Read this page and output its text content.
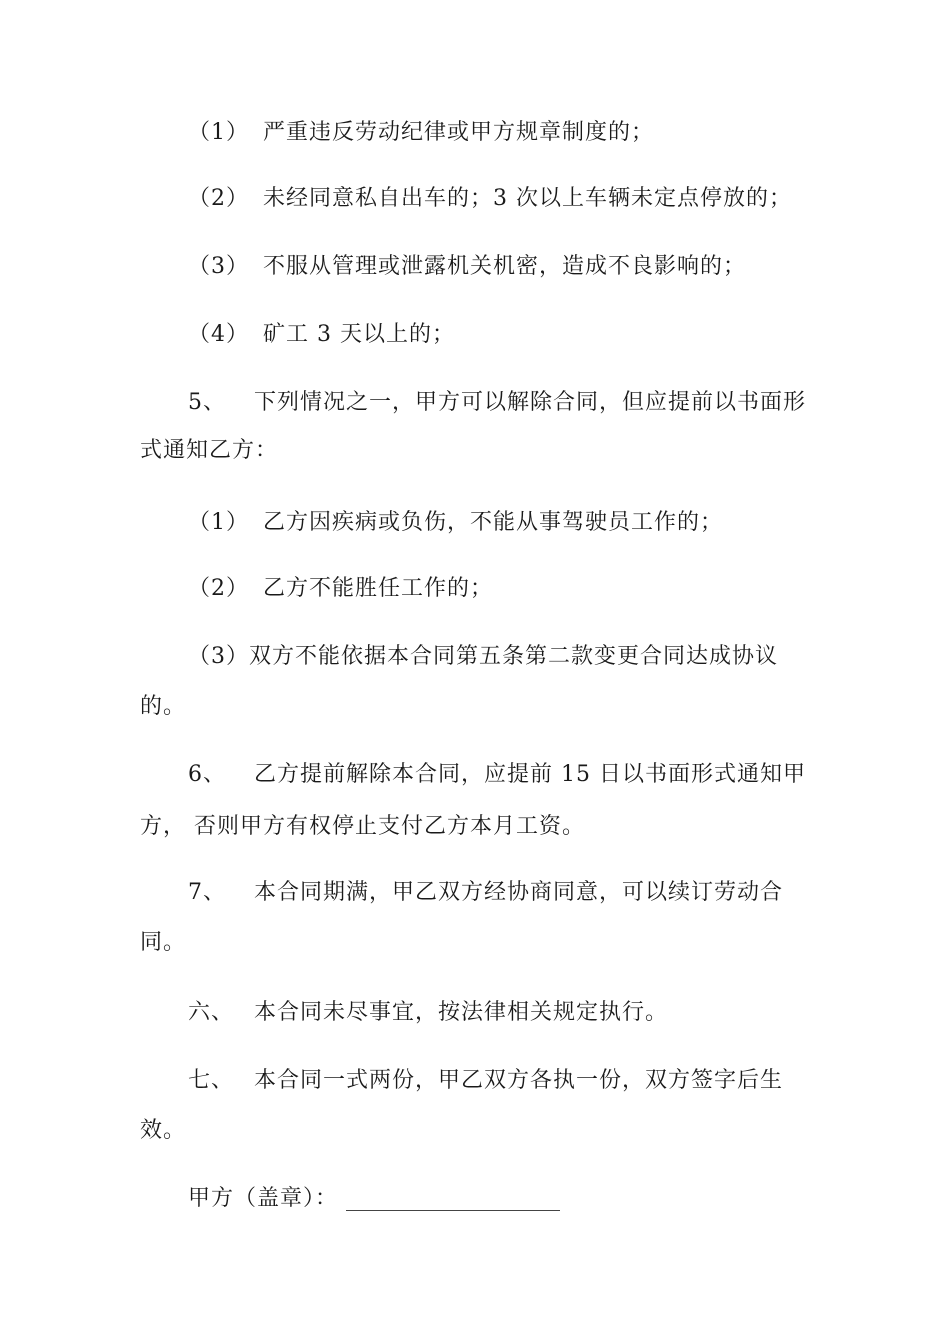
（1） 严重违反劳动纪律或甲方规章制度的；
（2） 未经同意私自出车的；3 次以上车辆未定点停放的；
（3） 不服从管理或泄露机关机密，造成不良影响的；
（4） 矿工 3 天以上的；
5、 下列情况之一，甲方可以解除合同，但应提前以书面形
式通知乙方：
（1） 乙方因疾病或负伤，不能从事驾驶员工作的；
（2） 乙方不能胜任工作的；
（3）双方不能依据本合同第五条第二款变更合同达成协议
的。
6、 乙方提前解除本合同，应提前 15 日以书面形式通知甲
方， 否则甲方有权停止支付乙方本月工资。
7、 本合同期满，甲乙双方经协商同意，可以续订劳动合
同。
六、 本合同未尽事宜，按法律相关规定执行。
七、 本合同一式两份，甲乙双方各执一份，双方签字后生
效。
甲方（盖章）：
